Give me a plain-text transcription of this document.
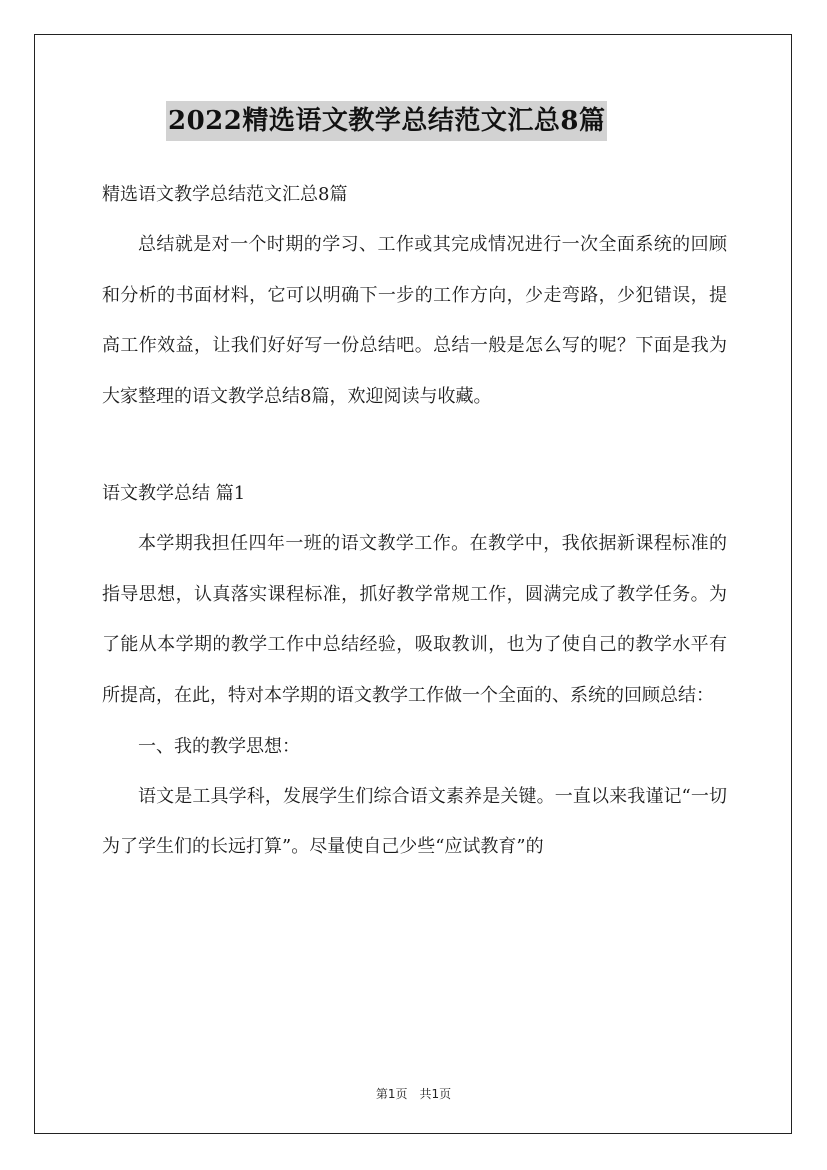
2022精选语文教学总结范文汇总8篇
精选语文教学总结范文汇总8篇

总结就是对一个时期的学习、工作或其完成情况进行一次全面系统的回顾和分析的书面材料，它可以明确下一步的工作方向，少走弯路，少犯错误，提高工作效益，让我们好好写一份总结吧。总结一般是怎么写的呢？下面是我为大家整理的语文教学总结8篇，欢迎阅读与收藏。

语文教学总结 篇1

本学期我担任四年一班的语文教学工作。在教学中，我依据新课程标准的指导思想，认真落实课程标准，抓好教学常规工作，圆满完成了教学任务。为了能从本学期的教学工作中总结经验，吸取教训，也为了使自己的教学水平有所提高，在此，特对本学期的语文教学工作做一个全面的、系统的回顾总结：

一、我的教学思想：

语文是工具学科，发展学生们综合语文素养是关键。一直以来我谨记“一切为了学生们的长远打算”。尽量使自己少些“应试教育”的

第1页　共1页
